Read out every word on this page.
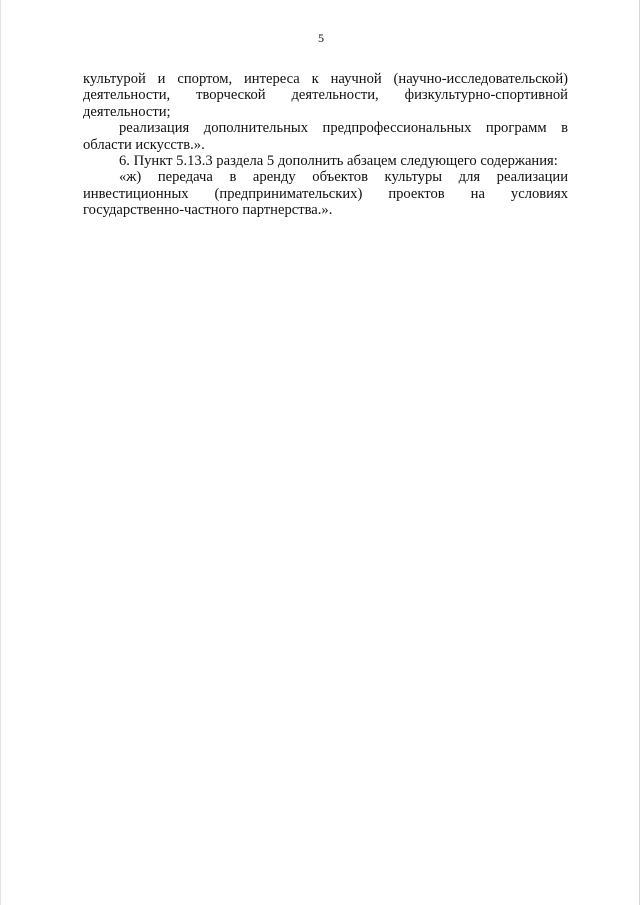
5

культурой и спортом, интереса к научной (научно-исследовательской) деятельности, творческой деятельности, физкультурно-спортивной деятельности;

реализация дополнительных предпрофессиональных программ в области искусств.».

6. Пункт 5.13.3 раздела 5 дополнить абзацем следующего содержания:

«ж) передача в аренду объектов культуры для реализации инвестиционных (предпринимательских) проектов на условиях государственно-частного партнерства.».
